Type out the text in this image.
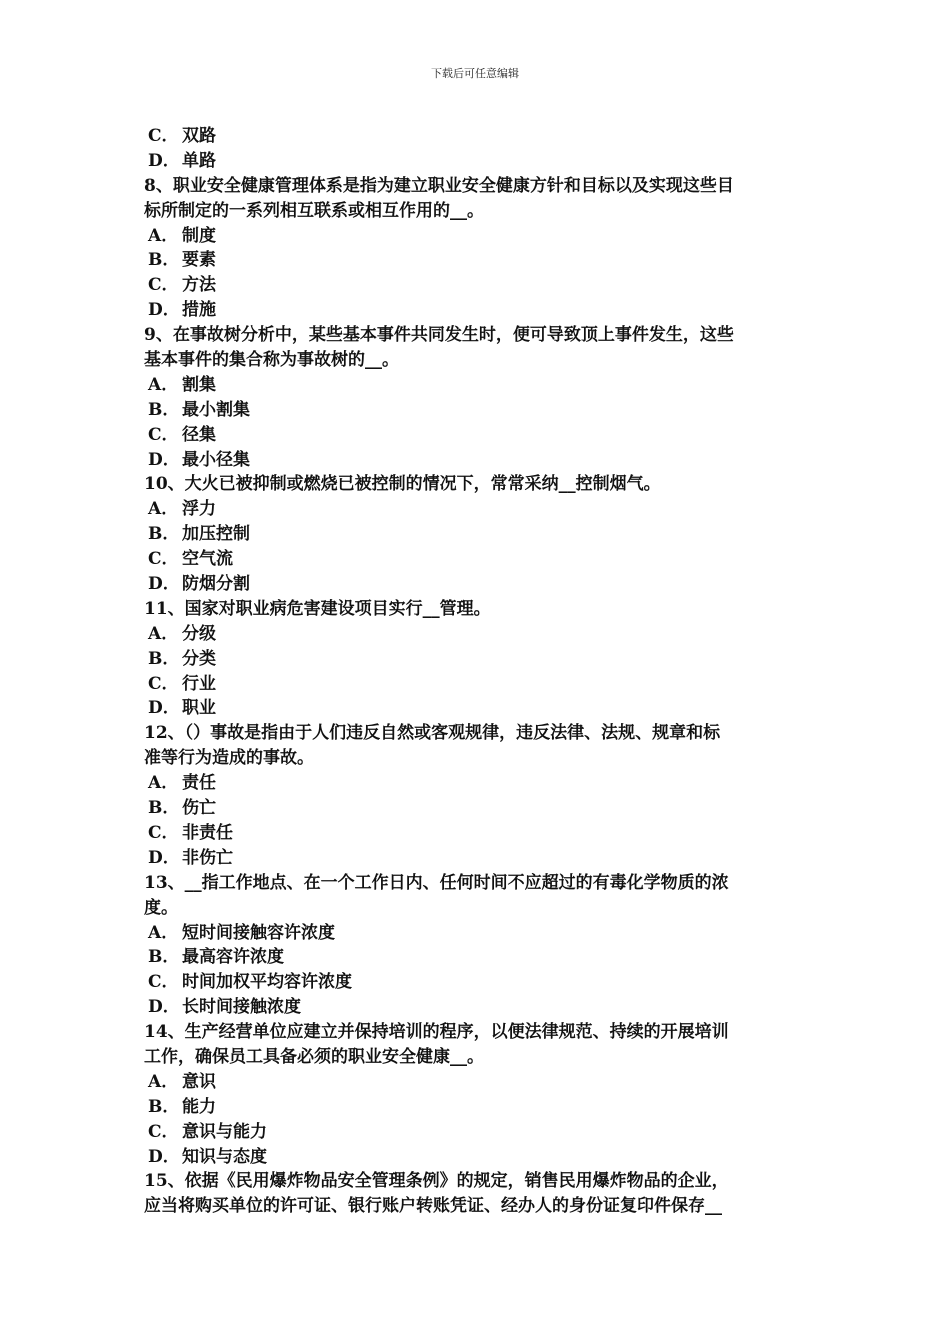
下载后可任意编辑
C． 双路
D． 单路
8、职业安全健康管理体系是指为建立职业安全健康方针和目标以及实现这些目
标所制定的一系列相互联系或相互作用的__。
A． 制度
B． 要素
C． 方法
D． 措施
9、在事故树分析中，某些基本事件共同发生时，便可导致顶上事件发生，这些
基本事件的集合称为事故树的__。
A． 割集
B． 最小割集
C． 径集
D． 最小径集
10、大火已被抑制或燃烧已被控制的情况下，常常采纳__控制烟气。
A． 浮力
B． 加压控制
C． 空气流
D． 防烟分割
11、国家对职业病危害建设项目实行__管理。
A． 分级
B． 分类
C． 行业
D． 职业
12、（）事故是指由于人们违反自然或客观规律，违反法律、法规、规章和标
准等行为造成的事故。
A． 责任
B． 伤亡
C． 非责任
D． 非伤亡
13、__指工作地点、在一个工作日内、任何时间不应超过的有毒化学物质的浓
度。
A． 短时间接触容许浓度
B． 最高容许浓度
C． 时间加权平均容许浓度
D． 长时间接触浓度
14、生产经营单位应建立并保持培训的程序，以便法律规范、持续的开展培训
工作，确保员工具备必须的职业安全健康__。
A． 意识
B． 能力
C． 意识与能力
D． 知识与态度
15、依据《民用爆炸物品安全管理条例》的规定，销售民用爆炸物品的企业，
应当将购买单位的许可证、银行账户转账凭证、经办人的身份证复印件保存__
